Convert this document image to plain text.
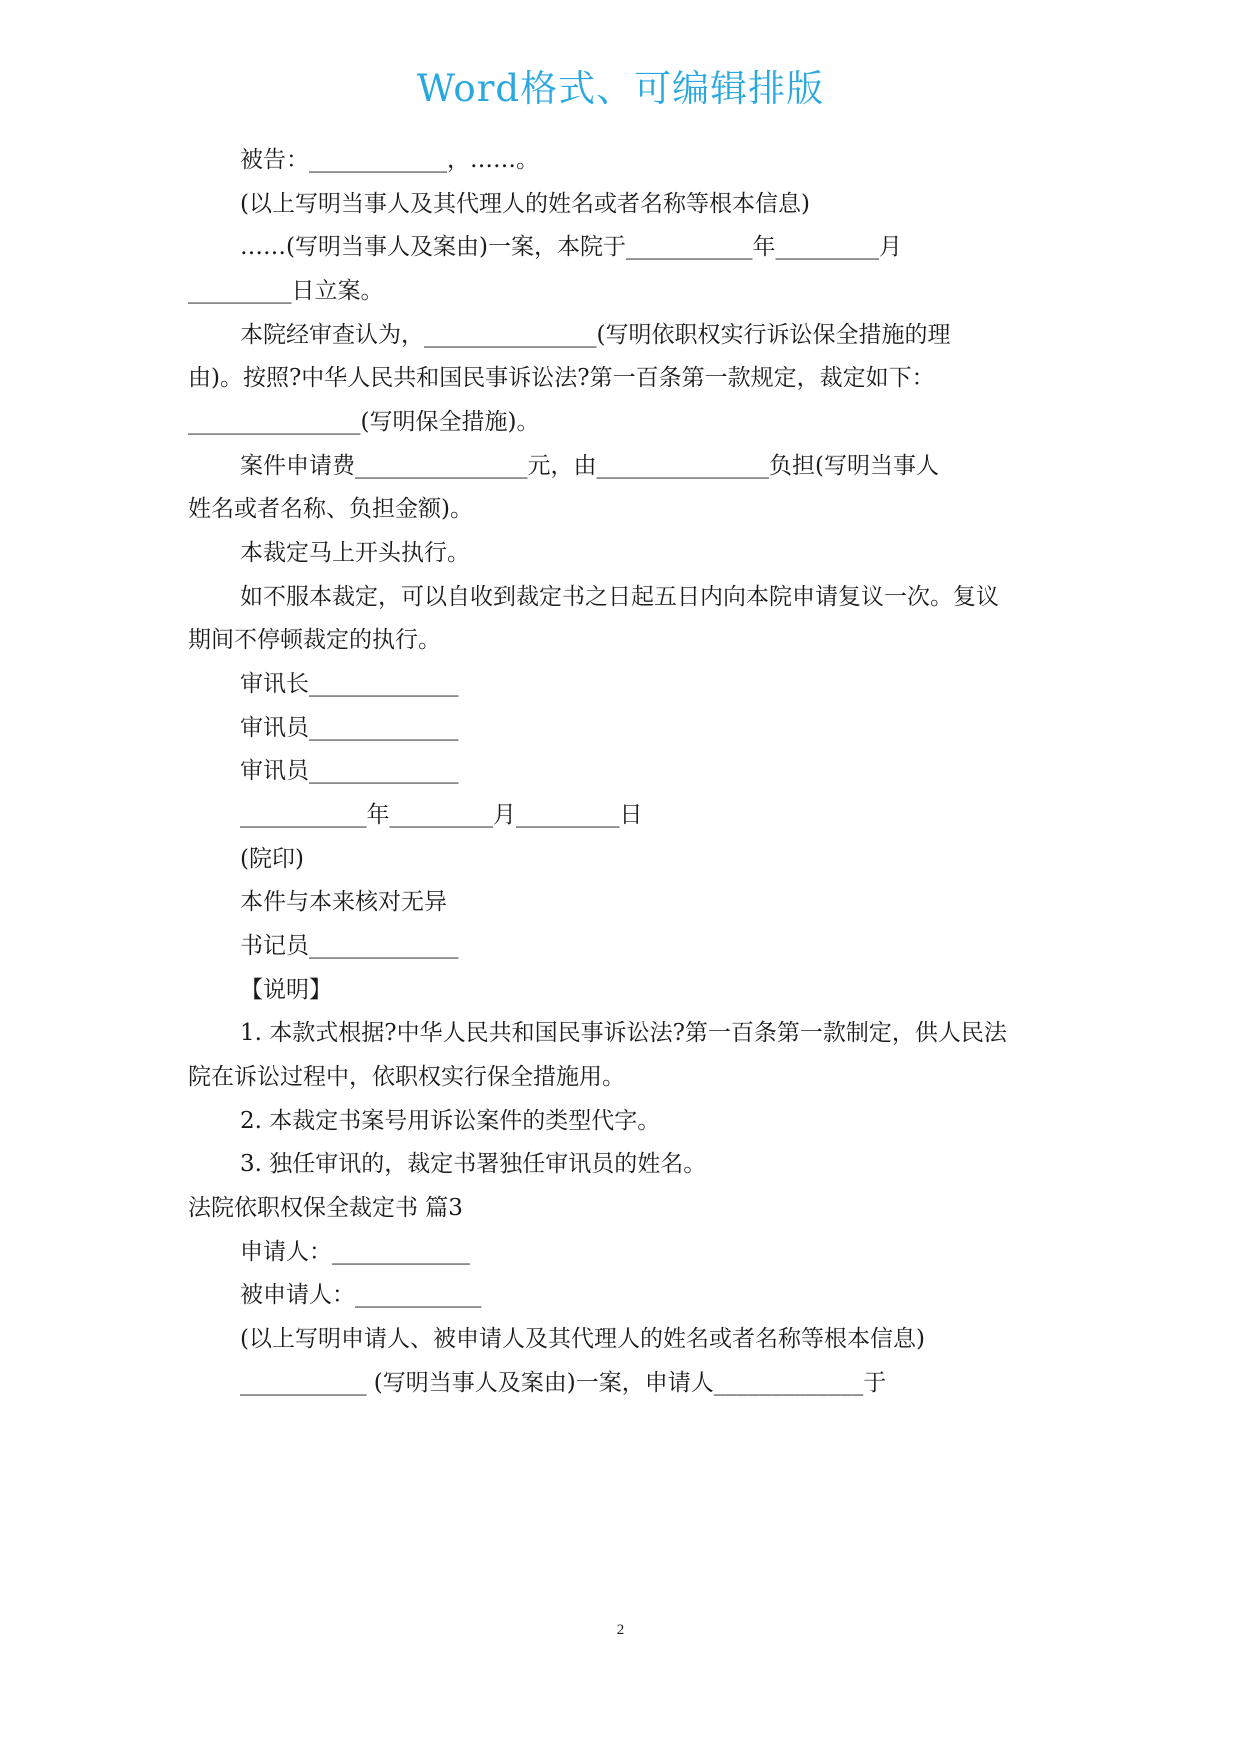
Word格式、可编辑排版
被告：____________，……。
(以上写明当事人及其代理人的姓名或者名称等根本信息)
……(写明当事人及案由)一案，本院于___________年_________月
_________日立案。
本院经审查认为，_______________(写明依职权实行诉讼保全措施的理
由)。按照?中华人民共和国民事诉讼法?第一百条第一款规定，裁定如下：
_______________(写明保全措施)。
案件申请费_______________元，由_______________负担(写明当事人
姓名或者名称、负担金额)。
本裁定马上开头执行。
如不服本裁定，可以自收到裁定书之日起五日内向本院申请复议一次。复议
期间不停顿裁定的执行。
审讯长_____________
审讯员_____________
审讯员_____________
___________年_________月_________日
(院印)
本件与本来核对无异
书记员_____________
【说明】
1. 本款式根据?中华人民共和国民事诉讼法?第一百条第一款制定，供人民法
院在诉讼过程中，依职权实行保全措施用。
2. 本裁定书案号用诉讼案件的类型代字。
3. 独任审讯的，裁定书署独任审讯员的姓名。
法院依职权保全裁定书 篇3
申请人：____________
被申请人：___________
(以上写明申请人、被申请人及其代理人的姓名或者名称等根本信息)
___________ (写明当事人及案由)一案，申请人_____________于
2
